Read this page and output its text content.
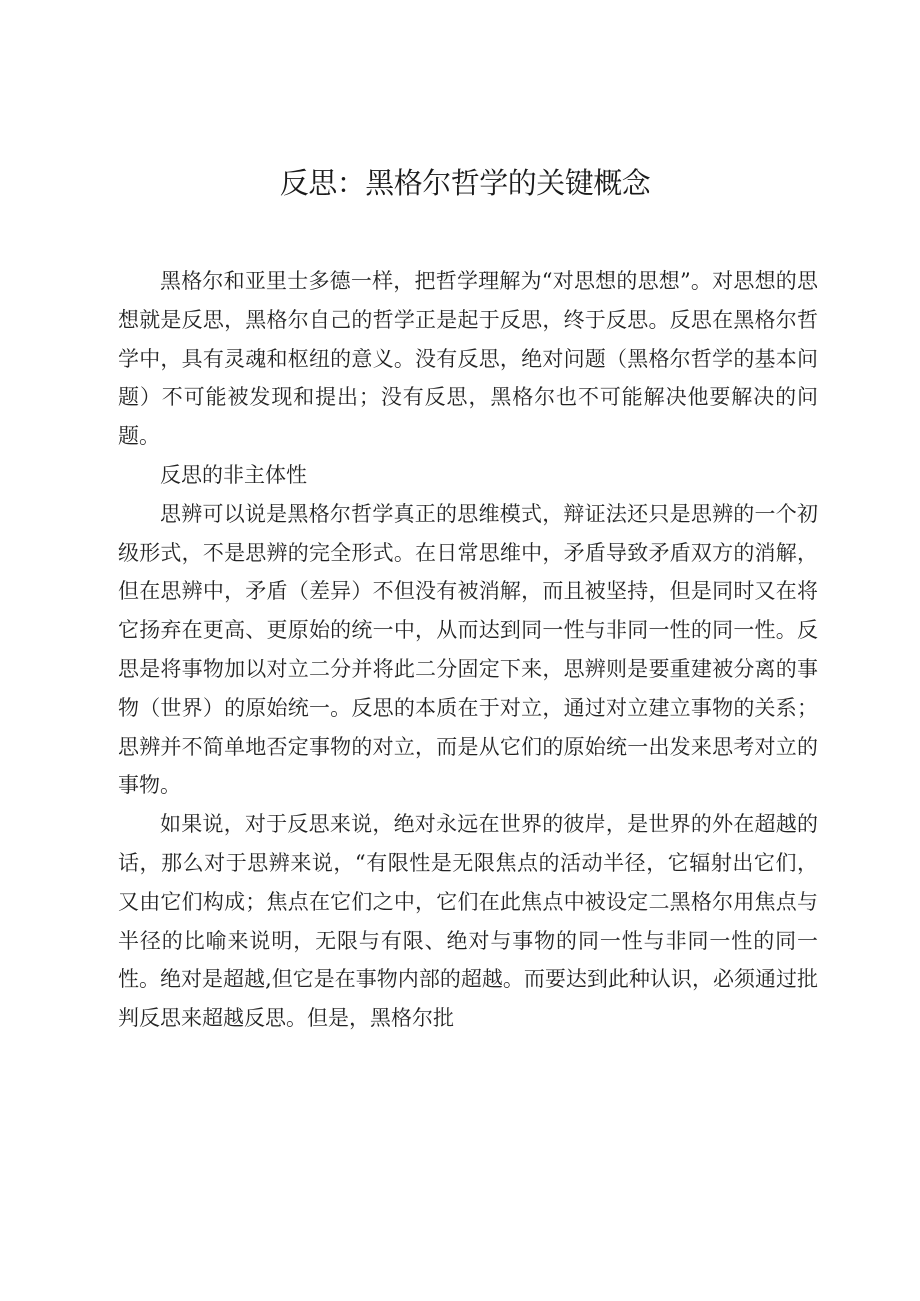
反思：黑格尔哲学的关键概念

黑格尔和亚里士多德一样，把哲学理解为“对思想的思想”。对思想的思想就是反思，黑格尔自己的哲学正是起于反思，终于反思。反思在黑格尔哲学中，具有灵魂和枢纽的意义。没有反思，绝对问题（黑格尔哲学的基本问题）不可能被发现和提出；没有反思，黑格尔也不可能解决他要解决的问题。

反思的非主体性

思辨可以说是黑格尔哲学真正的思维模式，辩证法还只是思辨的一个初级形式，不是思辨的完全形式。在日常思维中，矛盾导致矛盾双方的消解，但在思辨中，矛盾（差异）不但没有被消解，而且被坚持，但是同时又在将它扬弃在更高、更原始的统一中，从而达到同一性与非同一性的同一性。反思是将事物加以对立二分并将此二分固定下来，思辨则是要重建被分离的事物（世界）的原始统一。反思的本质在于对立，通过对立建立事物的关系；思辨并不简单地否定事物的对立，而是从它们的原始统一出发来思考对立的事物。

如果说，对于反思来说，绝对永远在世界的彼岸，是世界的外在超越的话，那么对于思辨来说，“有限性是无限焦点的活动半径，它辐射出它们，又由它们构成；焦点在它们之中，它们在此焦点中被设定二黑格尔用焦点与半径的比喻来说明，无限与有限、绝对与事物的同一性与非同一性的同一性。绝对是超越,但它是在事物内部的超越。而要达到此种认识，必须通过批判反思来超越反思。但是，黑格尔批
